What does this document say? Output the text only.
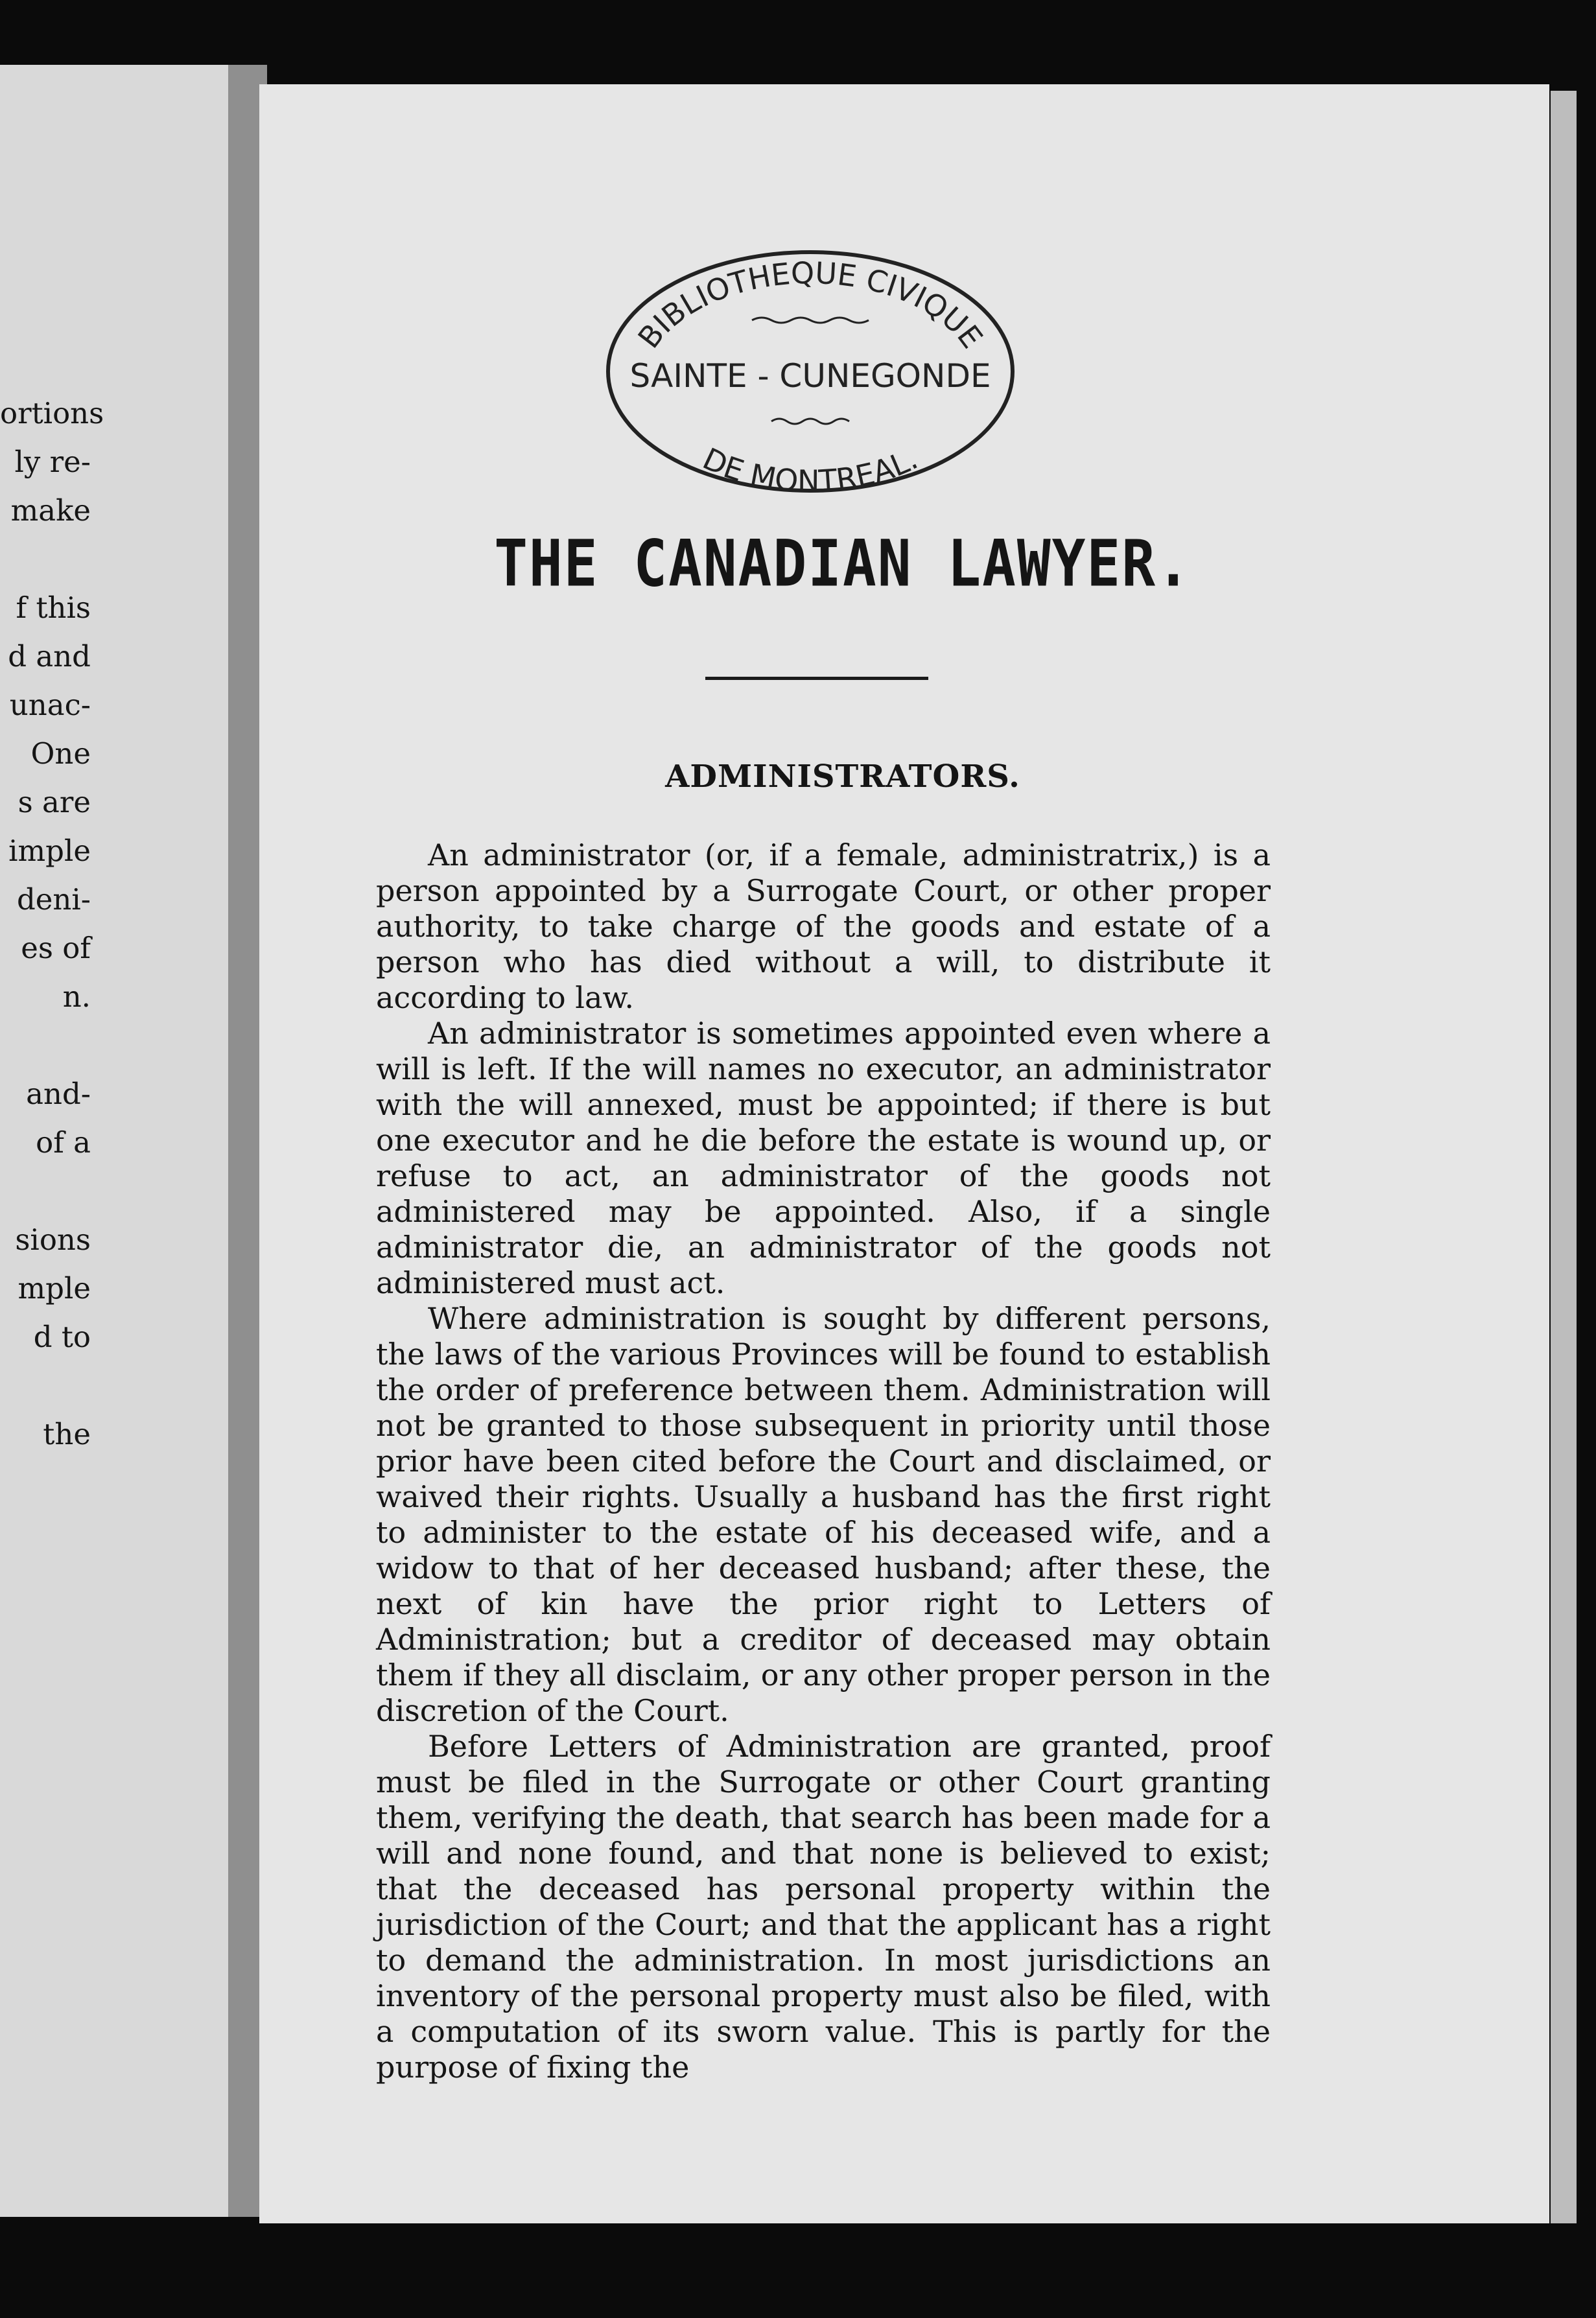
ortions
ly re-
make
f this
d and
unac-
One
s are
imple
deni-
es of
n.
and-
of a
sions
mple
d to
the
BIBLIOTHEQUE CIVIQUE
SAINTE - CUNEGONDE
DE MONTREAL.
THE CANADIAN LAWYER.
ADMINISTRATORS.

An administrator (or, if a female, administratrix,) is a person appointed by a Surrogate Court, or other proper authority, to take charge of the goods and estate of a person who has died without a will, to distribute it according to law.

An administrator is sometimes appointed even where a will is left. If the will names no executor, an administrator with the will annexed, must be appointed; if there is but one executor and he die before the estate is wound up, or refuse to act, an administrator of the goods not administered may be appointed. Also, if a single administrator die, an administrator of the goods not administered must act.

Where administration is sought by different persons, the laws of the various Provinces will be found to establish the order of preference between them. Administration will not be granted to those subsequent in priority until those prior have been cited before the Court and disclaimed, or waived their rights. Usually a husband has the first right to administer to the estate of his deceased wife, and a widow to that of her deceased husband; after these, the next of kin have the prior right to Letters of Administration; but a creditor of deceased may obtain them if they all disclaim, or any other proper person in the discretion of the Court.

Before Letters of Administration are granted, proof must be filed in the Surrogate or other Court granting them, verifying the death, that search has been made for a will and none found, and that none is believed to exist; that the deceased has personal property within the jurisdiction of the Court; and that the applicant has a right to demand the administration. In most jurisdictions an inventory of the personal property must also be filed, with a computation of its sworn value. This is partly for the purpose of fixing the
